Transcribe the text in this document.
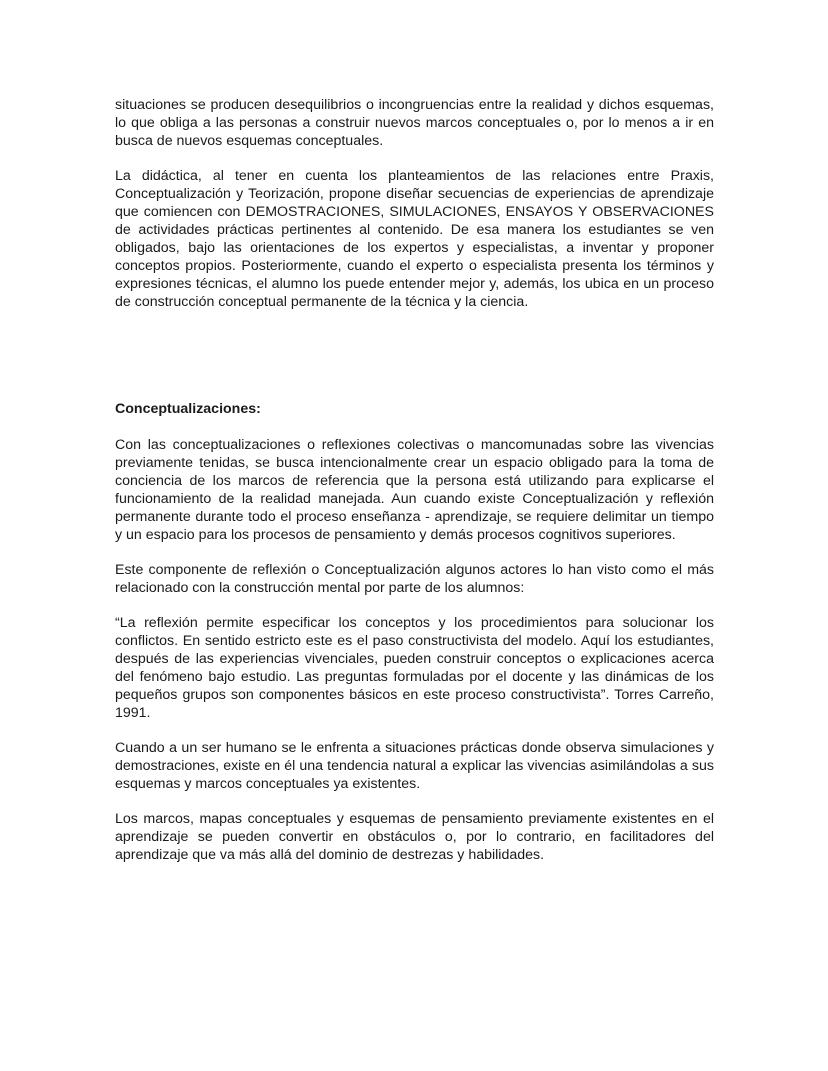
situaciones se producen desequilibrios o incongruencias entre la realidad y dichos esquemas, lo que obliga a las personas a construir nuevos marcos conceptuales o, por lo menos a ir en busca de nuevos esquemas conceptuales.

La didáctica, al tener en cuenta los planteamientos de las relaciones entre Praxis, Conceptualización y Teorización, propone diseñar secuencias de experiencias de aprendizaje que comiencen con DEMOSTRACIONES, SIMULACIONES, ENSAYOS Y OBSERVACIONES de actividades prácticas pertinentes al contenido. De esa manera los estudiantes se ven obligados, bajo las orientaciones de los expertos y especialistas, a inventar y proponer conceptos propios. Posteriormente, cuando el experto o especialista presenta los términos y expresiones técnicas, el alumno los puede entender mejor y, además, los ubica en un proceso de construcción conceptual permanente de la técnica y la ciencia.

Conceptualizaciones:

Con las conceptualizaciones o reflexiones colectivas o mancomunadas sobre las vivencias previamente tenidas, se busca intencionalmente crear un espacio obligado para la toma de conciencia de los marcos de referencia que la persona está utilizando para explicarse el funcionamiento de la realidad manejada. Aun cuando existe Conceptualización y reflexión permanente durante todo el proceso enseñanza - aprendizaje, se requiere delimitar un tiempo y un espacio para los procesos de pensamiento y demás procesos cognitivos superiores.

Este componente de reflexión o Conceptualización algunos actores lo han visto como el más relacionado con la construcción mental por parte de los alumnos:

“La reflexión permite especificar los conceptos y los procedimientos para solucionar los conflictos. En sentido estricto este es el paso constructivista del modelo. Aquí los estudiantes, después de las experiencias vivenciales, pueden construir conceptos o explicaciones acerca del fenómeno bajo estudio. Las preguntas formuladas por el docente y las dinámicas de los pequeños grupos son componentes básicos en este proceso constructivista”. Torres Carreño, 1991.

Cuando a un ser humano se le enfrenta a situaciones prácticas donde observa simulaciones y demostraciones, existe en él una tendencia natural a explicar las vivencias asimilándolas a sus esquemas y marcos conceptuales ya existentes.

Los marcos, mapas conceptuales y esquemas de pensamiento previamente existentes en el aprendizaje se pueden convertir en obstáculos o, por lo contrario, en facilitadores del aprendizaje que va más allá del dominio de destrezas y habilidades.
